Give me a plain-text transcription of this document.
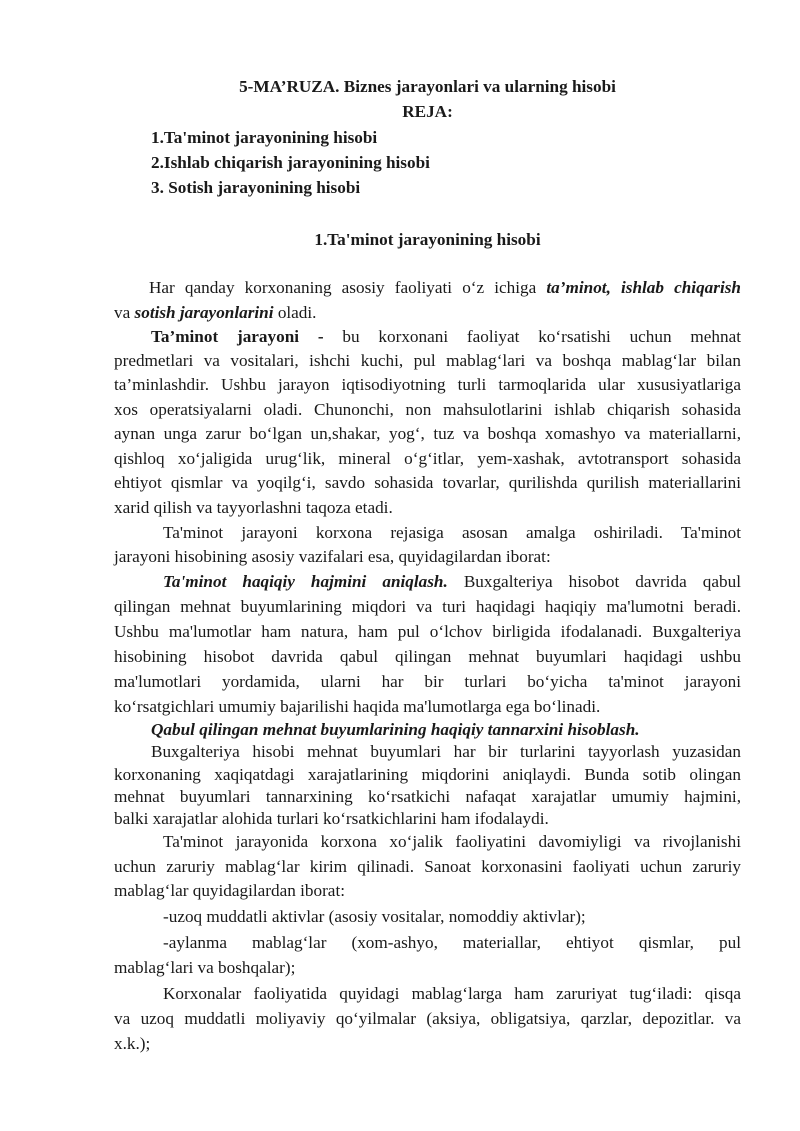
5-MA’RUZA. Biznes jarayonlari va ularning hisobi
REJA:
1.Ta'minot jarayonining hisobi
2.Ishlab chiqarish jarayonining hisobi
3. Sotish jarayonining hisobi
1.Ta'minot jarayonining hisobi
Har qanday korxonaning asosiy faoliyati o‘z ichiga ta’minot, ishlab chiqarish
va sotish jarayonlarini oladi.
Ta’minot jarayoni - bu korxonani faoliyat ko‘rsatishi uchun mehnat
predmetlari va vositalari, ishchi kuchi, pul mablag‘lari va boshqa mablag‘lar bilan
ta’minlashdir. Ushbu jarayon iqtisodiyotning turli tarmoqlarida ular xususiyatlariga
xos operatsiyalarni oladi. Chunonchi, non mahsulotlarini ishlab chiqarish sohasida
aynan unga zarur bo‘lgan un,shakar, yog‘, tuz va boshqa xomashyo va materiallarni,
qishloq xo‘jaligida urug‘lik, mineral o‘g‘itlar, yem-xashak, avtotransport sohasida
ehtiyot qismlar va yoqilg‘i, savdo sohasida tovarlar, qurilishda qurilish materiallarini
xarid qilish va tayyorlashni taqoza etadi.
Ta'minot jarayoni korxona rejasiga asosan amalga oshiriladi. Ta'minot
jarayoni hisobining asosiy vazifalari esa, quyidagilardan iborat:
Ta'minot haqiqiy hajmini aniqlash. Buxgalteriya hisobot davrida qabul
qilingan mehnat buyumlarining miqdori va turi haqidagi haqiqiy ma'lumotni beradi.
Ushbu ma'lumotlar ham natura, ham pul o‘lchov birligida ifodalanadi. Buxgalteriya
hisobining hisobot davrida qabul qilingan mehnat buyumlari haqidagi ushbu
ma'lumotlari yordamida, ularni har bir turlari bo‘yicha ta'minot jarayoni
ko‘rsatgichlari umumiy bajarilishi haqida ma'lumotlarga ega bo‘linadi.
Qabul qilingan mehnat buyumlarining haqiqiy tannarxini hisoblash.
Buxgalteriya hisobi mehnat buyumlari har bir turlarini tayyorlash yuzasidan
korxonaning xaqiqatdagi xarajatlarining miqdorini aniqlaydi. Bunda sotib olingan
mehnat buyumlari tannarxining ko‘rsatkichi nafaqat xarajatlar umumiy hajmini,
balki xarajatlar alohida turlari ko‘rsatkichlarini ham ifodalaydi.
Ta'minot jarayonida korxona xo‘jalik faoliyatini davomiyligi va rivojlanishi
uchun zaruriy mablag‘lar kirim qilinadi. Sanoat korxonasini faoliyati uchun zaruriy
mablag‘lar quyidagilardan iborat:
-uzoq muddatli aktivlar (asosiy vositalar, nomoddiy aktivlar);
-aylanma mablag‘lar (xom-ashyo, materiallar, ehtiyot qismlar, pul
mablag‘lari va boshqalar);
Korxonalar faoliyatida quyidagi mablag‘larga ham zaruriyat tug‘iladi: qisqa
va uzoq muddatli moliyaviy qo‘yilmalar (aksiya, obligatsiya, qarzlar, depozitlar. va
x.k.);
